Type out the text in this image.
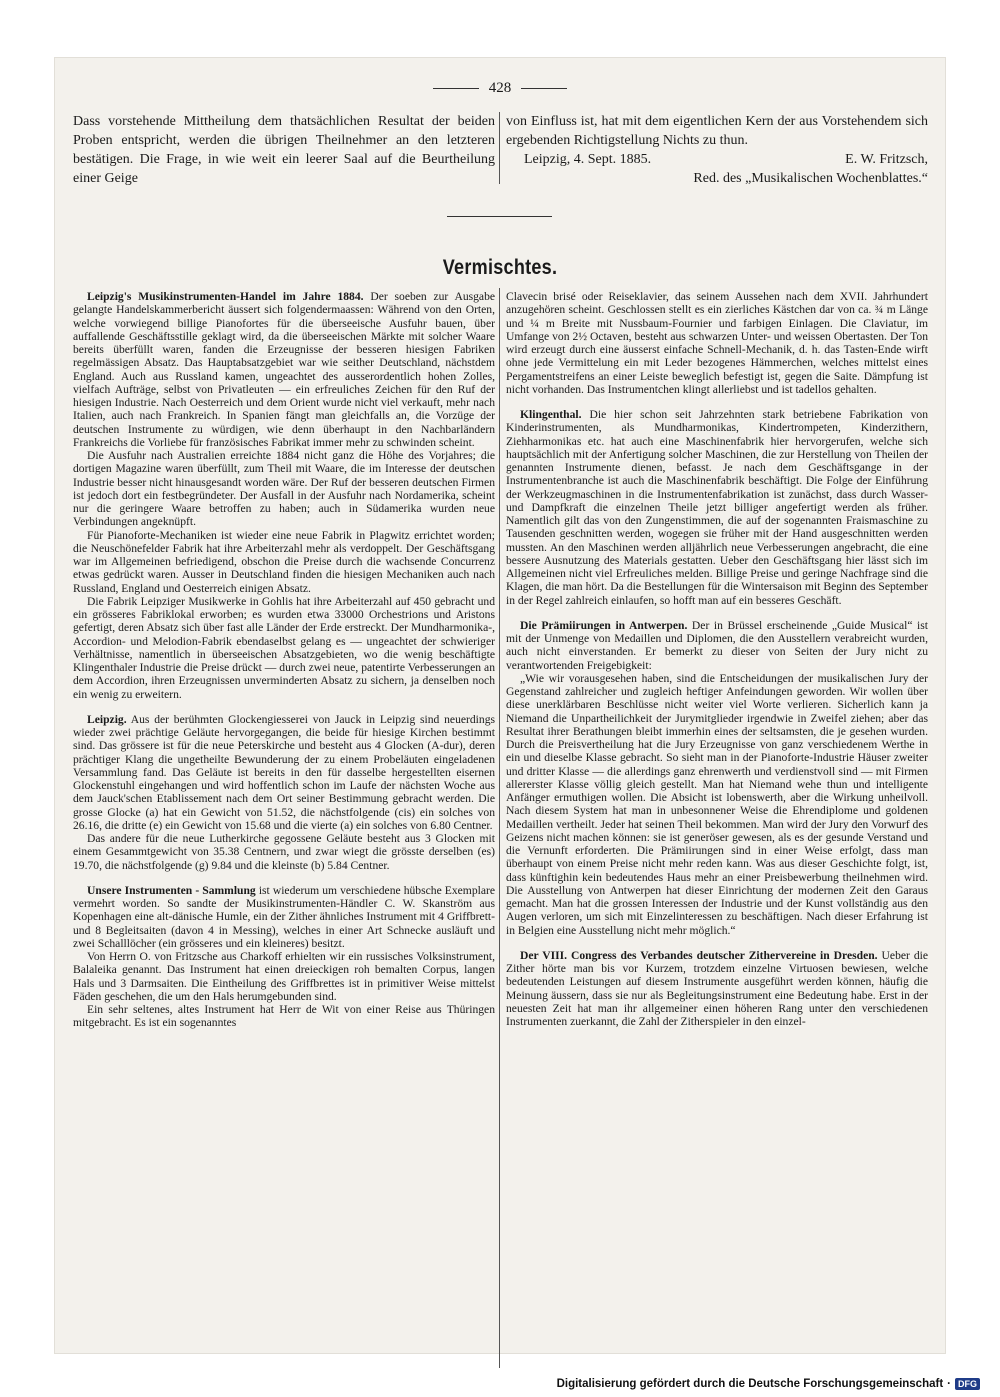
428

Dass vorstehende Mittheilung dem thatsächlichen Resultat der beiden Proben entspricht, werden die übrigen Theilnehmer an den letzteren bestätigen. Die Frage, in wie weit ein leerer Saal auf die Beurtheilung einer Geige

von Einfluss ist, hat mit dem eigentlichen Kern der aus Vorstehendem sich ergebenden Richtigstellung Nichts zu thun.

Leipzig, 4. Sept. 1885.	E. W. Fritzsch,
Red. des „Musikalischen Wochenblattes.“
Vermischtes.

Leipzig's Musikinstrumenten-Handel im Jahre 1884. Der soeben zur Ausgabe gelangte Handelskammerbericht äussert sich folgendermaassen: Während von den Orten, welche vorwiegend billige Pianofortes für die überseeische Ausfuhr bauen, über auffallende Geschäftsstille geklagt wird, da die überseeischen Märkte mit solcher Waare bereits überfüllt waren, fanden die Erzeugnisse der besseren hiesigen Fabriken regelmässigen Absatz. Das Hauptabsatzgebiet war wie seither Deutschland, nächstdem England. Auch aus Russland kamen, ungeachtet des ausserordentlich hohen Zolles, vielfach Aufträge, selbst von Privatleuten — ein erfreuliches Zeichen für den Ruf der hiesigen Industrie. Nach Oesterreich und dem Orient wurde nicht viel verkauft, mehr nach Italien, auch nach Frankreich. In Spanien fängt man gleichfalls an, die Vorzüge der deutschen Instrumente zu würdigen, wie denn überhaupt in den Nachbarländern Frankreichs die Vorliebe für französisches Fabrikat immer mehr zu schwinden scheint.

Die Ausfuhr nach Australien erreichte 1884 nicht ganz die Höhe des Vorjahres; die dortigen Magazine waren überfüllt, zum Theil mit Waare, die im Interesse der deutschen Industrie besser nicht hinausgesandt worden wäre. Der Ruf der besseren deutschen Firmen ist jedoch dort ein festbegründeter. Der Ausfall in der Ausfuhr nach Nordamerika, scheint nur die geringere Waare betroffen zu haben; auch in Südamerika wurden neue Verbindungen angeknüpft.

Für Pianoforte-Mechaniken ist wieder eine neue Fabrik in Plagwitz errichtet worden; die Neuschönefelder Fabrik hat ihre Arbeiterzahl mehr als verdoppelt. Der Geschäftsgang war im Allgemeinen befriedigend, obschon die Preise durch die wachsende Concurrenz etwas gedrückt waren. Ausser in Deutschland finden die hiesigen Mechaniken auch nach Russland, England und Oesterreich einigen Absatz.

Die Fabrik Leipziger Musikwerke in Gohlis hat ihre Arbeiterzahl auf 450 gebracht und ein grösseres Fabriklokal erworben; es wurden etwa 33000 Orchestrions und Aristons gefertigt, deren Absatz sich über fast alle Länder der Erde erstreckt. Der Mundharmonika-, Accordion- und Melodion-Fabrik ebendaselbst gelang es — ungeachtet der schwieriger Verhältnisse, namentlich in überseeischen Absatzgebieten, wo die wenig beschäftigte Klingenthaler Industrie die Preise drückt — durch zwei neue, patentirte Verbesserungen an dem Accordion, ihren Erzeugnissen unverminderten Absatz zu sichern, ja denselben noch ein wenig zu erweitern.

Leipzig. Aus der berühmten Glockengiesserei von Jauck in Leipzig sind neuerdings wieder zwei prächtige Geläute hervorgegangen, die beide für hiesige Kirchen bestimmt sind. Das grössere ist für die neue Peterskirche und besteht aus 4 Glocken (A-dur), deren prächtiger Klang die ungetheilte Bewunderung der zu einem Probeläuten eingeladenen Versammlung fand. Das Geläute ist bereits in den für dasselbe hergestellten eisernen Glockenstuhl eingehangen und wird hoffentlich schon im Laufe der nächsten Woche aus dem Jauck'schen Etablissement nach dem Ort seiner Bestimmung gebracht werden. Die grosse Glocke (a) hat ein Gewicht von 51.52, die nächstfolgende (cis) ein solches von 26.16, die dritte (e) ein Gewicht von 15.68 und die vierte (a) ein solches von 6.80 Centner.

Das andere für die neue Lutherkirche gegossene Geläute besteht aus 3 Glocken mit einem Gesammtgewicht von 35.38 Centnern, und zwar wiegt die grösste derselben (es) 19.70, die nächstfolgende (g) 9.84 und die kleinste (b) 5.84 Centner.

Unsere Instrumenten - Sammlung ist wiederum um verschiedene hübsche Exemplare vermehrt worden. So sandte der Musikinstrumenten-Händler C. W. Skanström aus Kopenhagen eine alt-dänische Humle, ein der Zither ähnliches Instrument mit 4 Griffbrett- und 8 Begleitsaiten (davon 4 in Messing), welches in einer Art Schnecke ausläuft und zwei Schalllöcher (ein grösseres und ein kleineres) besitzt.

Von Herrn O. von Fritzsche aus Charkoff erhielten wir ein russisches Volksinstrument, Balaleika genannt. Das Instrument hat einen dreieckigen roh bemalten Corpus, langen Hals und 3 Darmsaiten. Die Eintheilung des Griffbrettes ist in primitiver Weise mittelst Fäden geschehen, die um den Hals herumgebunden sind.

Ein sehr seltenes, altes Instrument hat Herr de Wit von einer Reise aus Thüringen mitgebracht. Es ist ein sogenanntes

Clavecin brisé oder Reiseklavier, das seinem Aussehen nach dem XVII. Jahrhundert anzugehören scheint. Geschlossen stellt es ein zierliches Kästchen dar von ca. ¾ m Länge und ¼ m Breite mit Nussbaum-Fournier und farbigen Einlagen. Die Claviatur, im Umfange von 2½ Octaven, besteht aus schwarzen Unter- und weissen Obertasten. Der Ton wird erzeugt durch eine äusserst einfache Schnell-Mechanik, d. h. das Tasten-Ende wirft ohne jede Vermittelung ein mit Leder bezogenes Hämmerchen, welches mittelst eines Pergamentstreifens an einer Leiste beweglich befestigt ist, gegen die Saite. Dämpfung ist nicht vorhanden. Das Instrumentchen klingt allerliebst und ist tadellos gehalten.

Klingenthal. Die hier schon seit Jahrzehnten stark betriebene Fabrikation von Kinderinstrumenten, als Mundharmonikas, Kindertrompeten, Kinderzithern, Ziehharmonikas etc. hat auch eine Maschinenfabrik hier hervorgerufen, welche sich hauptsächlich mit der Anfertigung solcher Maschinen, die zur Herstellung von Theilen der genannten Instrumente dienen, befasst. Je nach dem Geschäftsgange in der Instrumentenbranche ist auch die Maschinenfabrik beschäftigt. Die Folge der Einführung der Werkzeugmaschinen in die Instrumentenfabrikation ist zunächst, dass durch Wasser- und Dampfkraft die einzelnen Theile jetzt billiger angefertigt werden als früher. Namentlich gilt das von den Zungenstimmen, die auf der sogenannten Fraismaschine zu Tausenden geschnitten werden, wogegen sie früher mit der Hand ausgeschnitten werden mussten. An den Maschinen werden alljährlich neue Verbesserungen angebracht, die eine bessere Ausnutzung des Materials gestatten. Ueber den Geschäftsgang hier lässt sich im Allgemeinen nicht viel Erfreuliches melden. Billige Preise und geringe Nachfrage sind die Klagen, die man hört. Da die Bestellungen für die Wintersaison mit Beginn des September in der Regel zahlreich einlaufen, so hofft man auf ein besseres Geschäft.

Die Prämiirungen in Antwerpen. Der in Brüssel erscheinende „Guide Musical“ ist mit der Unmenge von Medaillen und Diplomen, die den Ausstellern verabreicht wurden, auch nicht einverstanden. Er bemerkt zu dieser von Seiten der Jury nicht zu verantwortenden Freigebigkeit:

„Wie wir vorausgesehen haben, sind die Entscheidungen der musikalischen Jury der Gegenstand zahlreicher und zugleich heftiger Anfeindungen geworden. Wir wollen über diese unerklärbaren Beschlüsse nicht weiter viel Worte verlieren. Sicherlich kann ja Niemand die Unpartheilichkeit der Jurymitglieder irgendwie in Zweifel ziehen; aber das Resultat ihrer Berathungen bleibt immerhin eines der seltsamsten, die je gesehen wurden. Durch die Preisvertheilung hat die Jury Erzeugnisse von ganz verschiedenem Werthe in ein und dieselbe Klasse gebracht. So sieht man in der Pianoforte-Industrie Häuser zweiter und dritter Klasse — die allerdings ganz ehrenwerth und verdienstvoll sind — mit Firmen allererster Klasse völlig gleich gestellt. Man hat Niemand wehe thun und intelligente Anfänger ermuthigen wollen. Die Absicht ist lobenswerth, aber die Wirkung unheilvoll. Nach diesem System hat man in unbesonnener Weise die Ehrendiplome und goldenen Medaillen vertheilt. Jeder hat seinen Theil bekommen. Man wird der Jury den Vorwurf des Geizens nicht machen können: sie ist generöser gewesen, als es der gesunde Verstand und die Vernunft erforderten. Die Prämiirungen sind in einer Weise erfolgt, dass man überhaupt von einem Preise nicht mehr reden kann. Was aus dieser Geschichte folgt, ist, dass künftighin kein bedeutendes Haus mehr an einer Preisbewerbung theilnehmen wird. Die Ausstellung von Antwerpen hat dieser Einrichtung der modernen Zeit den Garaus gemacht. Man hat die grossen Interessen der Industrie und der Kunst vollständig aus den Augen verloren, um sich mit Einzelinteressen zu beschäftigen. Nach dieser Erfahrung ist in Belgien eine Ausstellung nicht mehr möglich.“

Der VIII. Congress des Verbandes deutscher Zithervereine in Dresden. Ueber die Zither hörte man bis vor Kurzem, trotzdem einzelne Virtuosen bewiesen, welche bedeutenden Leistungen auf diesem Instrumente ausgeführt werden können, häufig die Meinung äussern, dass sie nur als Begleitungsinstrument eine Bedeutung habe. Erst in der neuesten Zeit hat man ihr allgemeiner einen höheren Rang unter den verschiedenen Instrumenten zuerkannt, die Zahl der Zitherspieler in den einzel-

Digitalisierung gefördert durch die Deutsche Forschungsgemeinschaft · DFG
